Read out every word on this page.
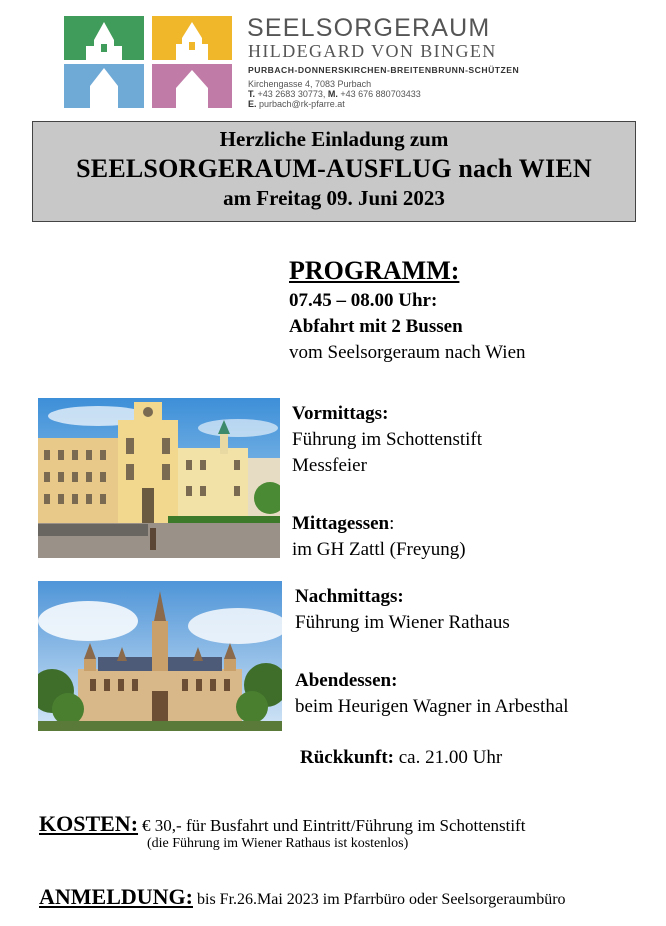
SEELSORGERAUM
HILDEGARD VON BINGEN
PURBACH-DONNERSKIRCHEN-BREITENBRUNN-SCHÜTZEN
Kirchengasse 4, 7083 Purbach
T. +43 2683 30773, M. +43 676 880703433
E. purbach@rk-pfarre.at
Herzliche Einladung zum
SEELSORGERAUM-AUSFLUG nach WIEN
am Freitag 09. Juni 2023
PROGRAMM:
07.45 – 08.00 Uhr:
Abfahrt mit 2 Bussen
vom Seelsorgeraum nach Wien
Vormittags:
Führung im Schottenstift
Messfeier
Mittagessen:
im GH Zattl (Freyung)
Nachmittags:
Führung im Wiener Rathaus
Abendessen:
beim Heurigen Wagner in Arbesthal
Rückkunft: ca. 21.00 Uhr
KOSTEN: € 30,- für Busfahrt und Eintritt/Führung im Schottenstift
(die Führung im Wiener Rathaus ist kostenlos)
ANMELDUNG: bis Fr.26.Mai 2023 im Pfarrbüro oder Seelsorgeraumbüro
